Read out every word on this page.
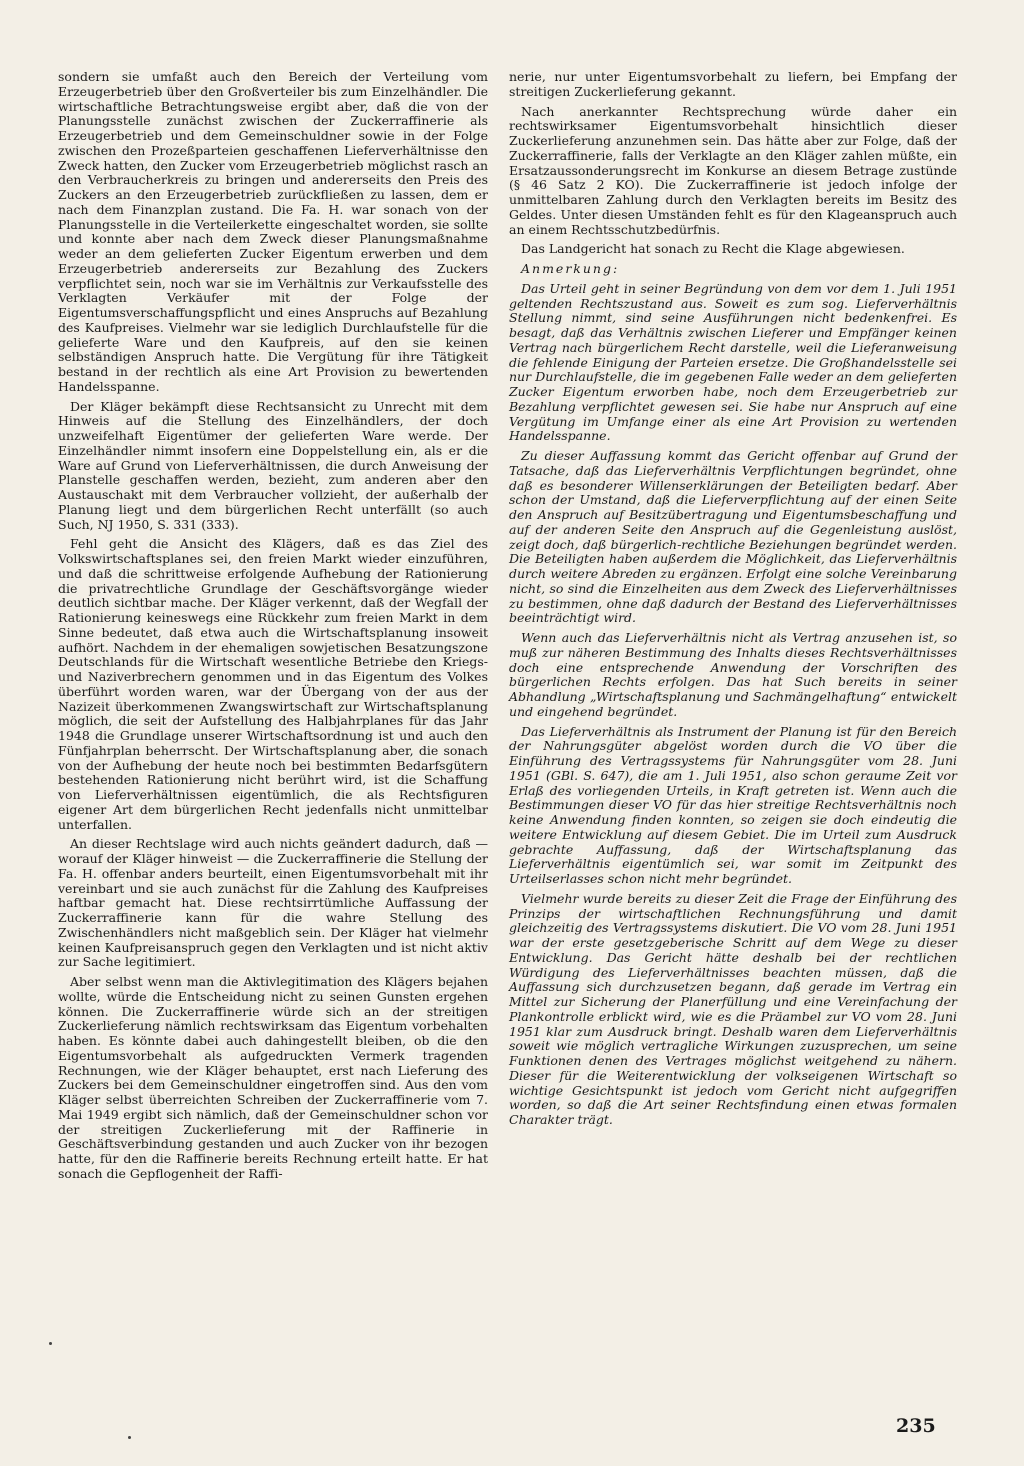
sondern sie umfaßt auch den Bereich der Verteilung vom Erzeugerbetrieb über den Großverteiler bis zum Einzelhändler. Die wirtschaftliche Betrachtungsweise ergibt aber, daß die von der Planungsstelle zunächst zwischen der Zuckerraffinerie als Erzeugerbetrieb und dem Gemeinschuldner sowie in der Folge zwischen den Prozeßparteien geschaffenen Lieferverhältnisse den Zweck hatten, den Zucker vom Erzeugerbetrieb möglichst rasch an den Verbraucherkreis zu bringen und andererseits den Preis des Zuckers an den Erzeugerbetrieb zurückfließen zu lassen, dem er nach dem Finanzplan zustand. Die Fa. H. war sonach von der Planungsstelle in die Verteilerkette eingeschaltet worden, sie sollte und konnte aber nach dem Zweck dieser Planungsmaßnahme weder an dem gelieferten Zucker Eigentum erwerben und dem Erzeugerbetrieb andererseits zur Bezahlung des Zuckers verpflichtet sein, noch war sie im Verhältnis zur Verkaufsstelle des Verklagten Verkäufer mit der Folge der Eigentumsverschaffungspflicht und eines Anspruchs auf Bezahlung des Kaufpreises. Vielmehr war sie lediglich Durchlaufstelle für die gelieferte Ware und den Kaufpreis, auf den sie keinen selbständigen Anspruch hatte. Die Vergütung für ihre Tätigkeit bestand in der rechtlich als eine Art Provision zu bewertenden Handelsspanne.

Der Kläger bekämpft diese Rechtsansicht zu Unrecht mit dem Hinweis auf die Stellung des Einzelhändlers, der doch unzweifelhaft Eigentümer der gelieferten Ware werde. Der Einzelhändler nimmt insofern eine Doppelstellung ein, als er die Ware auf Grund von Lieferverhältnissen, die durch Anweisung der Planstelle geschaffen werden, bezieht, zum anderen aber den Austauschakt mit dem Verbraucher vollzieht, der außerhalb der Planung liegt und dem bürgerlichen Recht unterfällt (so auch Such, NJ 1950, S. 331 (333).

Fehl geht die Ansicht des Klägers, daß es das Ziel des Volkswirtschaftsplanes sei, den freien Markt wieder einzuführen, und daß die schrittweise erfolgende Aufhebung der Rationierung die privatrechtliche Grundlage der Geschäftsvorgänge wieder deutlich sichtbar mache. Der Kläger verkennt, daß der Wegfall der Rationierung keineswegs eine Rückkehr zum freien Markt in dem Sinne bedeutet, daß etwa auch die Wirtschaftsplanung insoweit aufhört. Nachdem in der ehemaligen sowjetischen Besatzungszone Deutschlands für die Wirtschaft wesentliche Betriebe den Kriegs- und Naziverbrechern genommen und in das Eigentum des Volkes überführt worden waren, war der Übergang von der aus der Nazizeit überkommenen Zwangswirtschaft zur Wirtschaftsplanung möglich, die seit der Aufstellung des Halbjahrplanes für das Jahr 1948 die Grundlage unserer Wirtschaftsordnung ist und auch den Fünfjahrplan beherrscht. Der Wirtschaftsplanung aber, die sonach von der Aufhebung der heute noch bei bestimmten Bedarfsgütern bestehenden Rationierung nicht berührt wird, ist die Schaffung von Lieferverhältnissen eigentümlich, die als Rechtsfiguren eigener Art dem bürgerlichen Recht jedenfalls nicht unmittelbar unterfallen.

An dieser Rechtslage wird auch nichts geändert dadurch, daß — worauf der Kläger hinweist — die Zuckerraffinerie die Stellung der Fa. H. offenbar anders beurteilt, einen Eigentumsvorbehalt mit ihr vereinbart und sie auch zunächst für die Zahlung des Kaufpreises haftbar gemacht hat. Diese rechtsirrtümliche Auffassung der Zuckerraffinerie kann für die wahre Stellung des Zwischenhändlers nicht maßgeblich sein. Der Kläger hat vielmehr keinen Kaufpreisanspruch gegen den Verklagten und ist nicht aktiv zur Sache legitimiert.

Aber selbst wenn man die Aktivlegitimation des Klägers bejahen wollte, würde die Entscheidung nicht zu seinen Gunsten ergehen können. Die Zuckerraffinerie würde sich an der streitigen Zuckerlieferung nämlich rechtswirksam das Eigentum vorbehalten haben. Es könnte dabei auch dahingestellt bleiben, ob die den Eigentumsvorbehalt als aufgedruckten Vermerk tragenden Rechnungen, wie der Kläger behauptet, erst nach Lieferung des Zuckers bei dem Gemeinschuldner eingetroffen sind. Aus den vom Kläger selbst überreichten Schreiben der Zuckerraffinerie vom 7. Mai 1949 ergibt sich nämlich, daß der Gemeinschuldner schon vor der streitigen Zuckerlieferung mit der Raffinerie in Geschäftsverbindung gestanden und auch Zucker von ihr bezogen hatte, für den die Raffinerie bereits Rechnung erteilt hatte. Er hat sonach die Gepflogenheit der Raffi-

nerie, nur unter Eigentumsvorbehalt zu liefern, bei Empfang der streitigen Zuckerlieferung gekannt.

Nach anerkannter Rechtsprechung würde daher ein rechtswirksamer Eigentumsvorbehalt hinsichtlich dieser Zuckerlieferung anzunehmen sein. Das hätte aber zur Folge, daß der Zuckerraffinerie, falls der Verklagte an den Kläger zahlen müßte, ein Ersatzaussonderungsrecht im Konkurse an diesem Betrage zustünde (§ 46 Satz 2 KO). Die Zuckerraffinerie ist jedoch infolge der unmittelbaren Zahlung durch den Verklagten bereits im Besitz des Geldes. Unter diesen Umständen fehlt es für den Klageanspruch auch an einem Rechtsschutzbedürfnis.

Das Landgericht hat sonach zu Recht die Klage abgewiesen.

Anmerkung:

Das Urteil geht in seiner Begründung von dem vor dem 1. Juli 1951 geltenden Rechtszustand aus. Soweit es zum sog. Lieferverhältnis Stellung nimmt, sind seine Ausführungen nicht bedenkenfrei. Es besagt, daß das Verhältnis zwischen Lieferer und Empfänger keinen Vertrag nach bürgerlichem Recht darstelle, weil die Lieferanweisung die fehlende Einigung der Parteien ersetze. Die Großhandelsstelle sei nur Durchlaufstelle, die im gegebenen Falle weder an dem gelieferten Zucker Eigentum erworben habe, noch dem Erzeugerbetrieb zur Bezahlung verpflichtet gewesen sei. Sie habe nur Anspruch auf eine Vergütung im Umfange einer als eine Art Provision zu wertenden Handelsspanne.

Zu dieser Auffassung kommt das Gericht offenbar auf Grund der Tatsache, daß das Lieferverhältnis Verpflichtungen begründet, ohne daß es besonderer Willenserklärungen der Beteiligten bedarf. Aber schon der Umstand, daß die Lieferverpflichtung auf der einen Seite den Anspruch auf Besitzübertragung und Eigentumsbeschaffung und auf der anderen Seite den Anspruch auf die Gegenleistung auslöst, zeigt doch, daß bürgerlich-rechtliche Beziehungen begründet werden. Die Beteiligten haben außerdem die Möglichkeit, das Lieferverhältnis durch weitere Abreden zu ergänzen. Erfolgt eine solche Vereinbarung nicht, so sind die Einzelheiten aus dem Zweck des Lieferverhältnisses zu bestimmen, ohne daß dadurch der Bestand des Lieferverhältnisses beeinträchtigt wird.

Wenn auch das Lieferverhältnis nicht als Vertrag anzusehen ist, so muß zur näheren Bestimmung des Inhalts dieses Rechtsverhältnisses doch eine entsprechende Anwendung der Vorschriften des bürgerlichen Rechts erfolgen. Das hat Such bereits in seiner Abhandlung „Wirtschaftsplanung und Sachmängelhaftung“ entwickelt und eingehend begründet.

Das Lieferverhältnis als Instrument der Planung ist für den Bereich der Nahrungsgüter abgelöst worden durch die VO über die Einführung des Vertragssystems für Nahrungsgüter vom 28. Juni 1951 (GBl. S. 647), die am 1. Juli 1951, also schon geraume Zeit vor Erlaß des vorliegenden Urteils, in Kraft getreten ist. Wenn auch die Bestimmungen dieser VO für das hier streitige Rechtsverhältnis noch keine Anwendung finden konnten, so zeigen sie doch eindeutig die weitere Entwicklung auf diesem Gebiet. Die im Urteil zum Ausdruck gebrachte Auffassung, daß der Wirtschaftsplanung das Lieferverhältnis eigentümlich sei, war somit im Zeitpunkt des Urteilserlasses schon nicht mehr begründet.

Vielmehr wurde bereits zu dieser Zeit die Frage der Einführung des Prinzips der wirtschaftlichen Rechnungsführung und damit gleichzeitig des Vertragssystems diskutiert. Die VO vom 28. Juni 1951 war der erste gesetzgeberische Schritt auf dem Wege zu dieser Entwicklung. Das Gericht hätte deshalb bei der rechtlichen Würdigung des Lieferverhältnisses beachten müssen, daß die Auffassung sich durchzusetzen begann, daß gerade im Vertrag ein Mittel zur Sicherung der Planerfüllung und eine Vereinfachung der Plankontrolle erblickt wird, wie es die Präambel zur VO vom 28. Juni 1951 klar zum Ausdruck bringt. Deshalb waren dem Lieferverhältnis soweit wie möglich vertragliche Wirkungen zuzusprechen, um seine Funktionen denen des Vertrages möglichst weitgehend zu nähern. Dieser für die Weiterentwicklung der volkseigenen Wirtschaft so wichtige Gesichtspunkt ist jedoch vom Gericht nicht aufgegriffen worden, so daß die Art seiner Rechtsfindung einen etwas formalen Charakter trägt.

235
